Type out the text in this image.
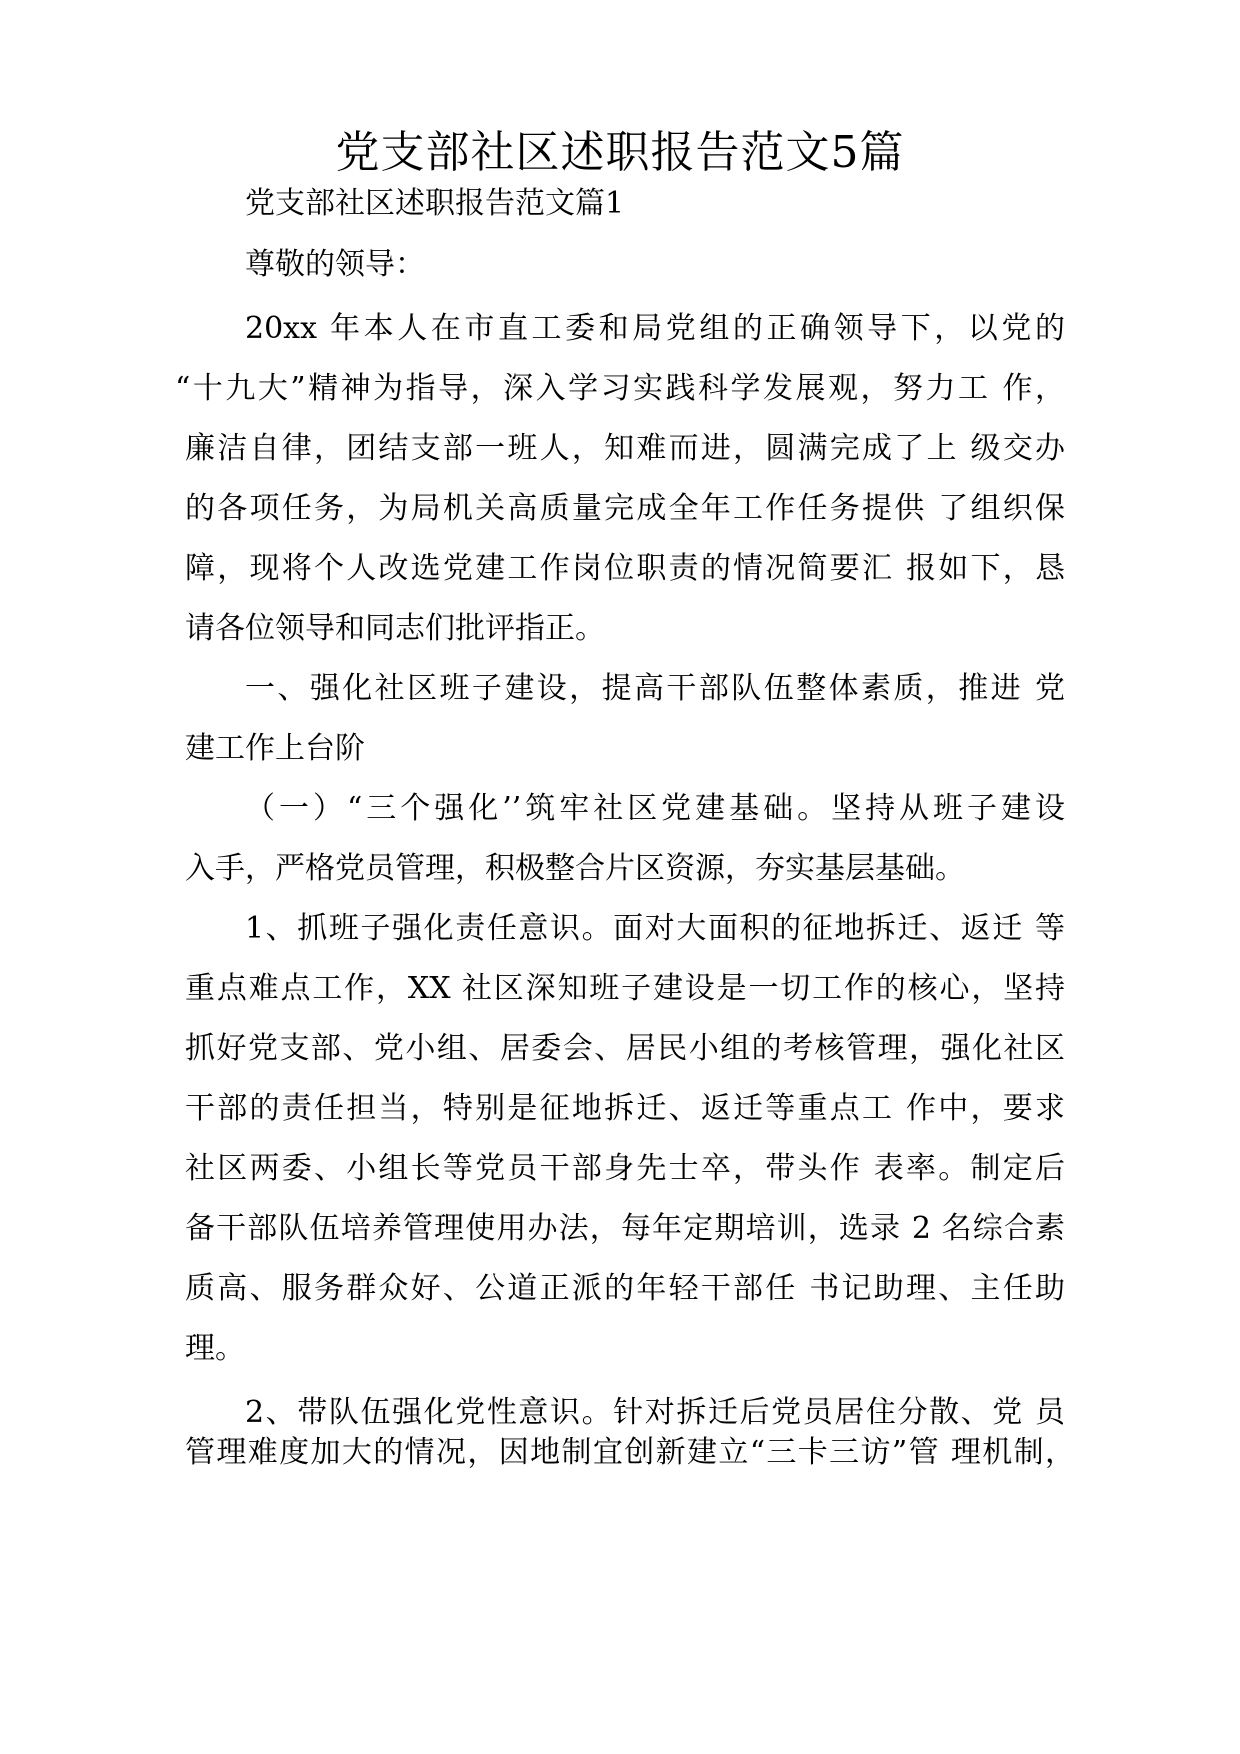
党支部社区述职报告范文5篇
党支部社区述职报告范文篇1
尊敬的领导：
20xx 年本人在市直工委和局党组的正确领导下，以党的
“十九大”精神为指导，深入学习实践科学发展观，努力工 作，
廉洁自律，团结支部一班人，知难而进，圆满完成了上 级交办
的各项任务，为局机关高质量完成全年工作任务提供 了组织保
障，现将个人改选党建工作岗位职责的情况简要汇 报如下，恳
请各位领导和同志们批评指正。
一、强化社区班子建设，提高干部队伍整体素质，推进 党
建工作上台阶
（一）“三个强化’’筑牢社区党建基础。坚持从班子建设
入手，严格党员管理，积极整合片区资源，夯实基层基础。
1、抓班子强化责任意识。面对大面积的征地拆迁、返迁 等
重点难点工作，XX 社区深知班子建设是一切工作的核心，坚持
抓好党支部、党小组、居委会、居民小组的考核管理，强化社区
干部的责任担当，特别是征地拆迁、返迁等重点工 作中，要求
社区两委、小组长等党员干部身先士卒，带头作 表率。制定后
备干部队伍培养管理使用办法，每年定期培训，选录 2 名综合素
质高、服务群众好、公道正派的年轻干部任 书记助理、主任助
理。
2、带队伍强化党性意识。针对拆迁后党员居住分散、党 员
管理难度加大的情况，因地制宜创新建立“三卡三访”管 理机制，
